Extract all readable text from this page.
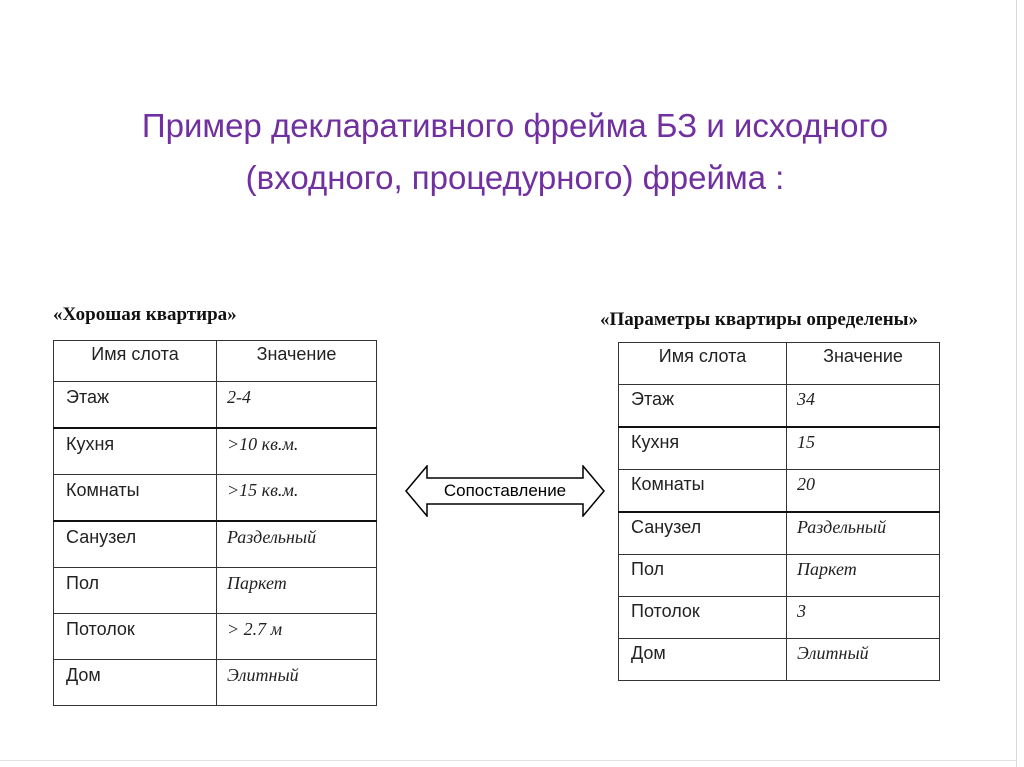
Пример декларативного фрейма БЗ и исходного (входного, процедурного) фрейма :

«Хорошая квартира»	«Параметры квартиры определены»

Имя слота	Значение
Этаж	2-4
Кухня	>10 кв.м.
Комнаты	>15 кв.м.
Санузел	Раздельный
Пол	Паркет
Потолок	> 2.7 м
Дом	Элитный
Сопоставление
Имя слота	Значение
Этаж	34
Кухня	15
Комнаты	20
Санузел	Раздельный
Пол	Паркет
Потолок	3
Дом	Элитный
